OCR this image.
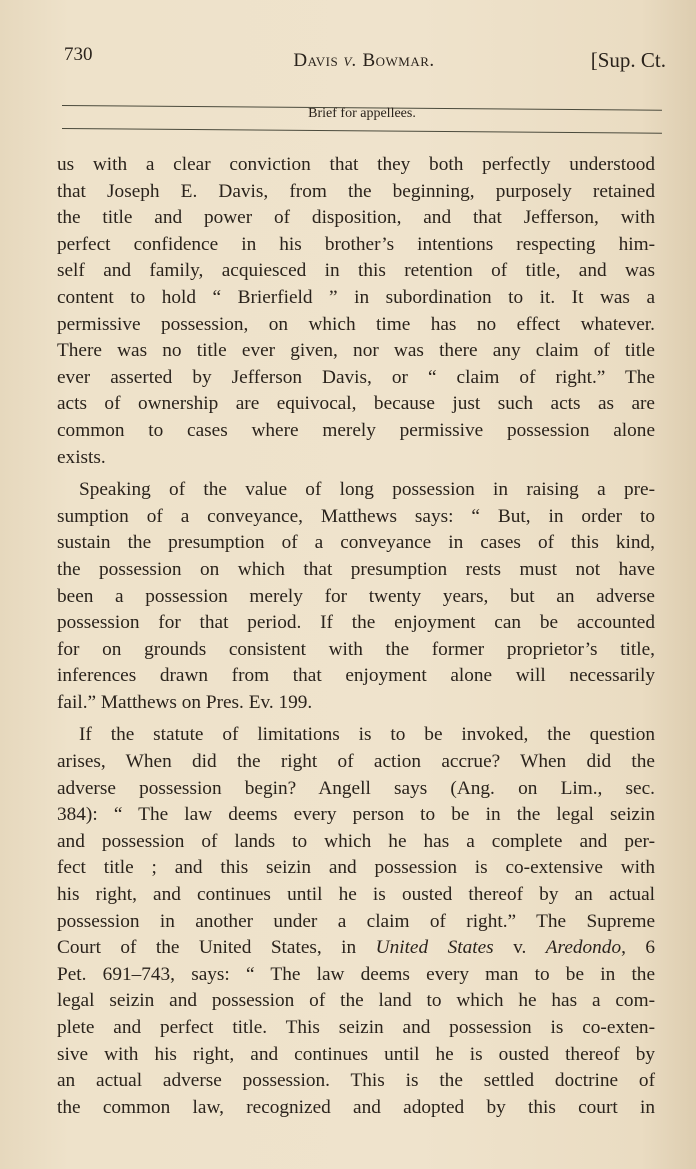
730	Davis v. Bowmar.	[Sup. Ct.
Brief for appellees.

us with a clear conviction that they both perfectly understood
that Joseph E. Davis, from the beginning, purposely retained
the title and power of disposition, and that Jefferson, with
perfect confidence in his brother’s intentions respecting him-
self and family, acquiesced in this retention of title, and was
content to hold “ Brierfield ” in subordination to it. It was a
permissive possession, on which time has no effect whatever.
There was no title ever given, nor was there any claim of title
ever asserted by Jefferson Davis, or “ claim of right.” The
acts of ownership are equivocal, because just such acts as are
common to cases where merely permissive possession alone
exists.

Speaking of the value of long possession in raising a pre-
sumption of a conveyance, Matthews says: “ But, in order to
sustain the presumption of a conveyance in cases of this kind,
the possession on which that presumption rests must not have
been a possession merely for twenty years, but an adverse
possession for that period. If the enjoyment can be accounted
for on grounds consistent with the former proprietor’s title,
inferences drawn from that enjoyment alone will necessarily
fail.” Matthews on Pres. Ev. 199.

If the statute of limitations is to be invoked, the question
arises, When did the right of action accrue? When did the
adverse possession begin? Angell says (Ang. on Lim., sec.
384): “ The law deems every person to be in the legal seizin
and possession of lands to which he has a complete and per-
fect title ; and this seizin and possession is co-extensive with
his right, and continues until he is ousted thereof by an actual
possession in another under a claim of right.” The Supreme
Court of the United States, in United States v. Aredondo, 6
Pet. 691–743, says: “ The law deems every man to be in the
legal seizin and possession of the land to which he has a com-
plete and perfect title. This seizin and possession is co-exten-
sive with his right, and continues until he is ousted thereof by
an actual adverse possession. This is the settled doctrine of
the common law, recognized and adopted by this court in
